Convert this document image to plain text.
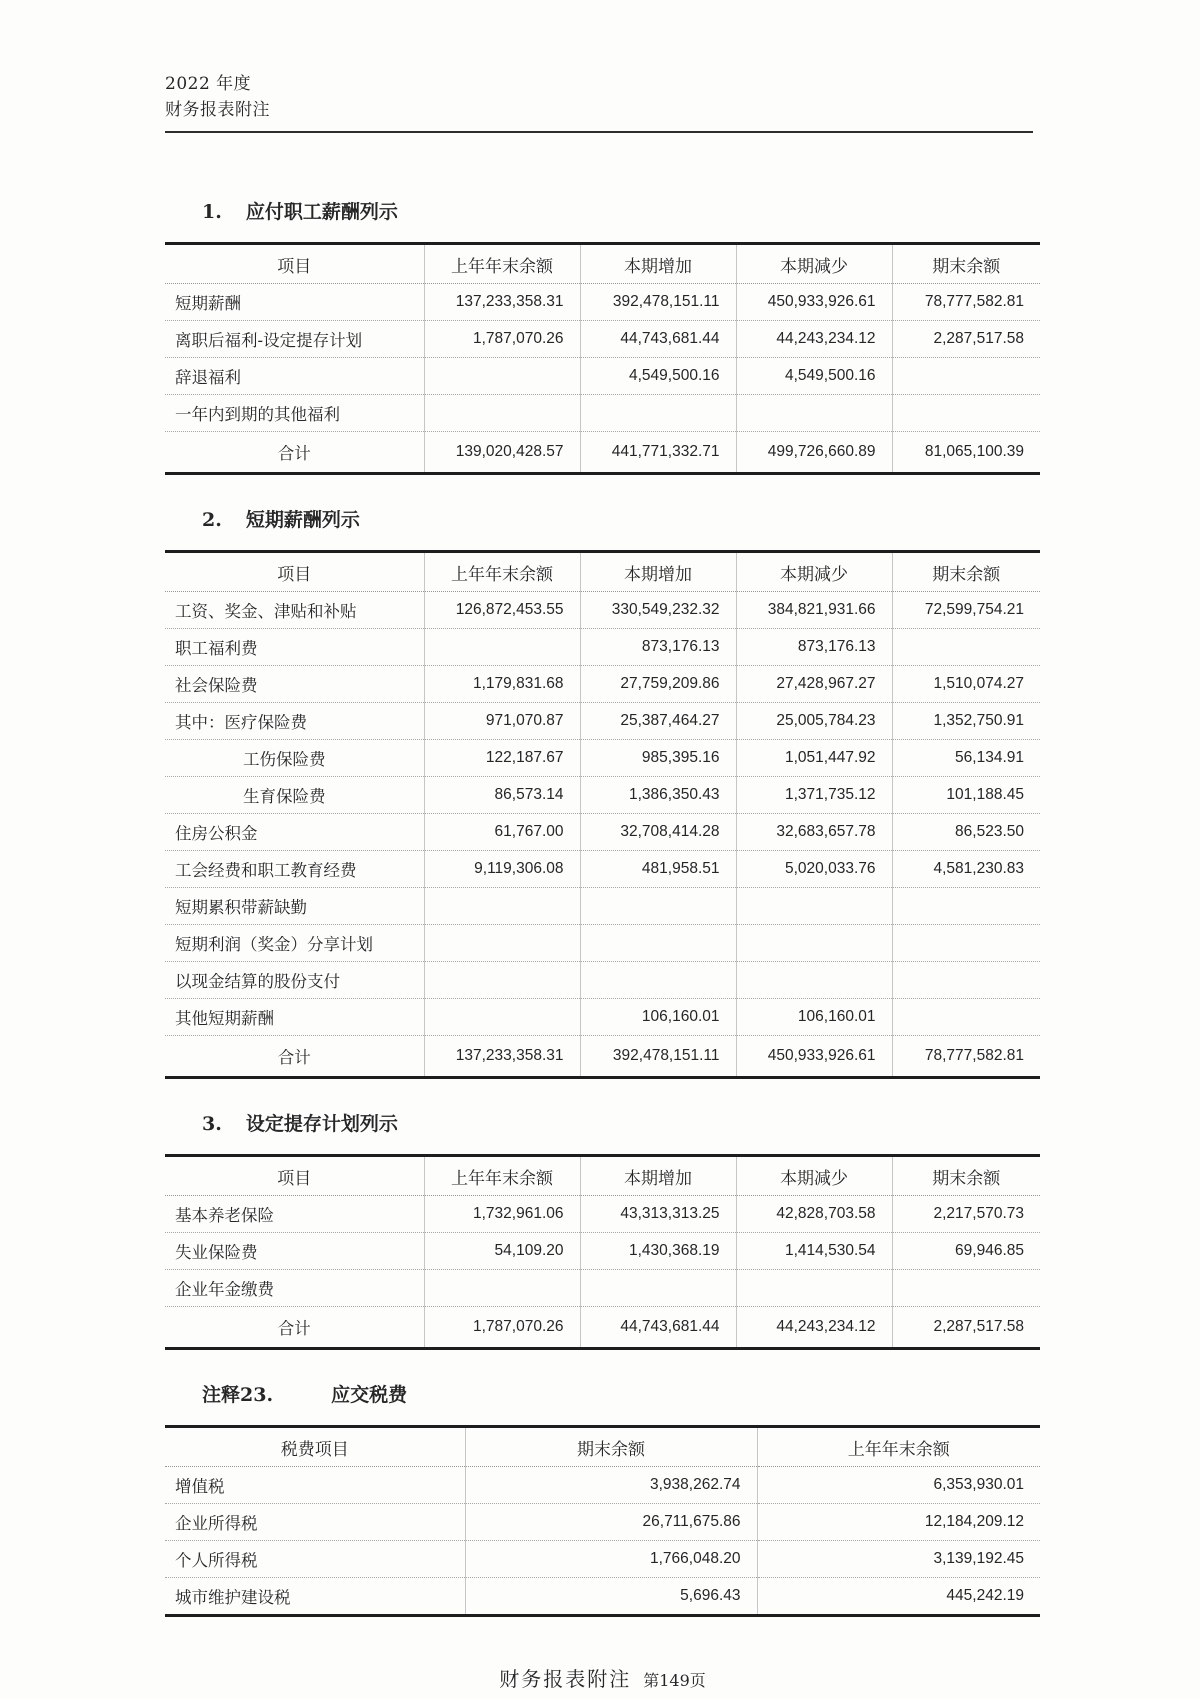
2022 年度
财务报表附注
1. 应付职工薪酬列示
项目	上年年末余额	本期增加	本期减少	期末余额
短期薪酬	137,233,358.31	392,478,151.11	450,933,926.61	78,777,582.81
离职后福利-设定提存计划	1,787,070.26	44,743,681.44	44,243,234.12	2,287,517.58
辞退福利		4,549,500.16	4,549,500.16	
一年内到期的其他福利				
合计	139,020,428.57	441,771,332.71	499,726,660.89	81,065,100.39
2. 短期薪酬列示
项目	上年年末余额	本期增加	本期减少	期末余额
工资、奖金、津贴和补贴	126,872,453.55	330,549,232.32	384,821,931.66	72,599,754.21
职工福利费		873,176.13	873,176.13	
社会保险费	1,179,831.68	27,759,209.86	27,428,967.27	1,510,074.27
其中：医疗保险费	971,070.87	25,387,464.27	25,005,784.23	1,352,750.91
工伤保险费	122,187.67	985,395.16	1,051,447.92	56,134.91
生育保险费	86,573.14	1,386,350.43	1,371,735.12	101,188.45
住房公积金	61,767.00	32,708,414.28	32,683,657.78	86,523.50
工会经费和职工教育经费	9,119,306.08	481,958.51	5,020,033.76	4,581,230.83
短期累积带薪缺勤				
短期利润（奖金）分享计划				
以现金结算的股份支付				
其他短期薪酬		106,160.01	106,160.01	
合计	137,233,358.31	392,478,151.11	450,933,926.61	78,777,582.81
3. 设定提存计划列示
项目	上年年末余额	本期增加	本期减少	期末余额
基本养老保险	1,732,961.06	43,313,313.25	42,828,703.58	2,217,570.73
失业保险费	54,109.20	1,430,368.19	1,414,530.54	69,946.85
企业年金缴费				
合计	1,787,070.26	44,743,681.44	44,243,234.12	2,287,517.58
注释23.	应交税费
税费项目	期末余额	上年年末余额
增值税	3,938,262.74	6,353,930.01
企业所得税	26,711,675.86	12,184,209.12
个人所得税	1,766,048.20	3,139,192.45
城市维护建设税	5,696.43	445,242.19
财务报表附注 第149页
